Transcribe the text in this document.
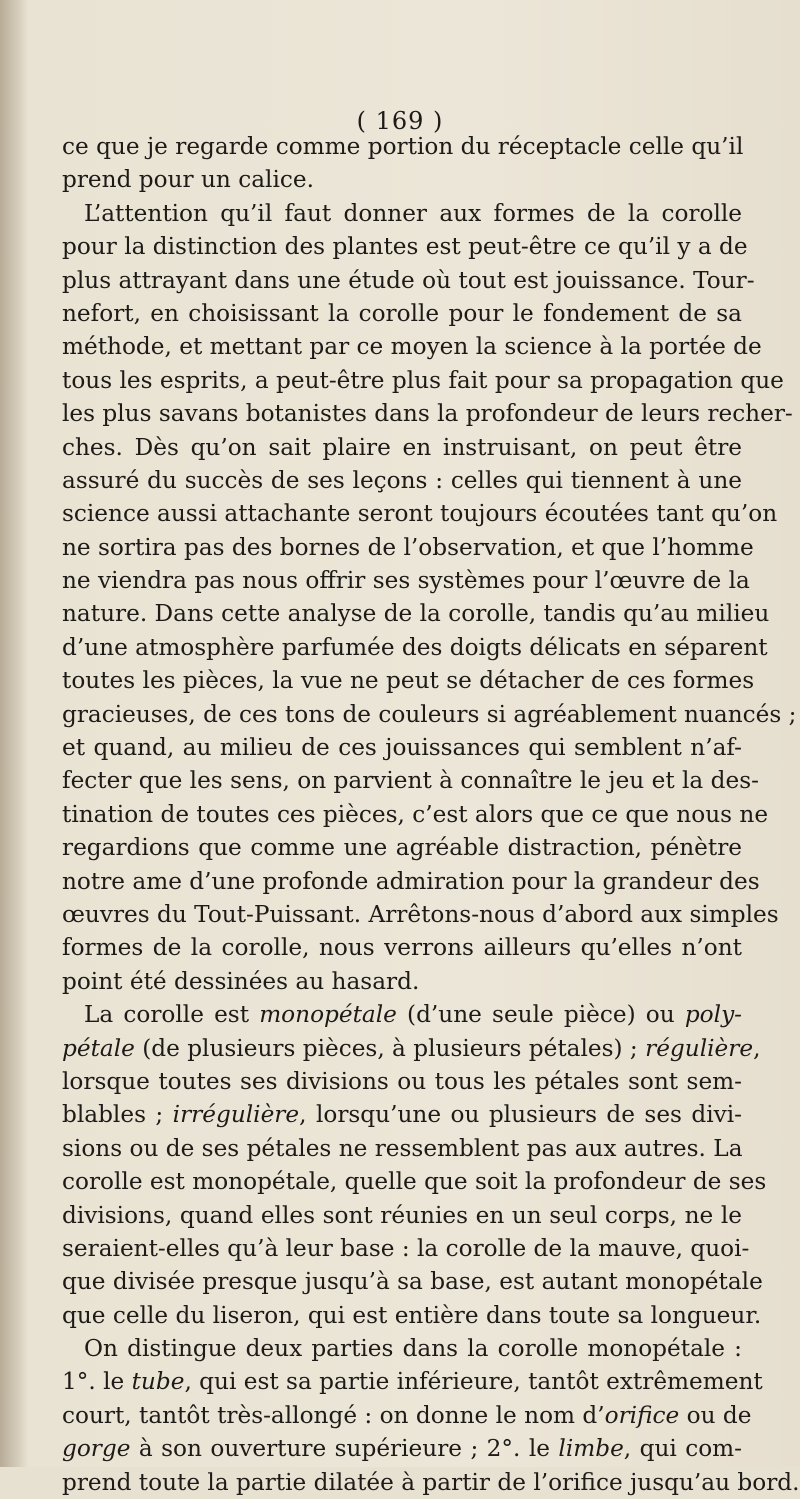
( 169 )
ce que je regarde comme portion du réceptacle celle qu’il
prend pour un calice.
L’attention qu’il faut donner aux formes de la corolle
pour la distinction des plantes est peut-être ce qu’il y a de
plus attrayant dans une étude où tout est jouissance. Tour-
nefort, en choisissant la corolle pour le fondement de sa
méthode, et mettant par ce moyen la science à la portée de
tous les esprits, a peut-être plus fait pour sa propagation que
les plus savans botanistes dans la profondeur de leurs recher-
ches. Dès qu’on sait plaire en instruisant, on peut être
assuré du succès de ses leçons : celles qui tiennent à une
science aussi attachante seront toujours écoutées tant qu’on
ne sortira pas des bornes de l’observation, et que l’homme
ne viendra pas nous offrir ses systèmes pour l’œuvre de la
nature. Dans cette analyse de la corolle, tandis qu’au milieu
d’une atmosphère parfumée des doigts délicats en séparent
toutes les pièces, la vue ne peut se détacher de ces formes
gracieuses, de ces tons de couleurs si agréablement nuancés ;
et quand, au milieu de ces jouissances qui semblent n’af-
fecter que les sens, on parvient à connaître le jeu et la des-
tination de toutes ces pièces, c’est alors que ce que nous ne
regardions que comme une agréable distraction, pénètre
notre ame d’une profonde admiration pour la grandeur des
œuvres du Tout-Puissant. Arrêtons-nous d’abord aux simples
formes de la corolle, nous verrons ailleurs qu’elles n’ont
point été dessinées au hasard.
La corolle est monopétale (d’une seule pièce) ou poly-
pétale (de plusieurs pièces, à plusieurs pétales) ; régulière,
lorsque toutes ses divisions ou tous les pétales sont sem-
blables ; irrégulière, lorsqu’une ou plusieurs de ses divi-
sions ou de ses pétales ne ressemblent pas aux autres. La
corolle est monopétale, quelle que soit la profondeur de ses
divisions, quand elles sont réunies en un seul corps, ne le
seraient-elles qu’à leur base : la corolle de la mauve, quoi-
que divisée presque jusqu’à sa base, est autant monopétale
que celle du liseron, qui est entière dans toute sa longueur.
On distingue deux parties dans la corolle monopétale :
1°. le tube, qui est sa partie inférieure, tantôt extrêmement
court, tantôt très-allongé : on donne le nom d’orifice ou de
gorge à son ouverture supérieure ; 2°. le limbe, qui com-
prend toute la partie dilatée à partir de l’orifice jusqu’au bord.
